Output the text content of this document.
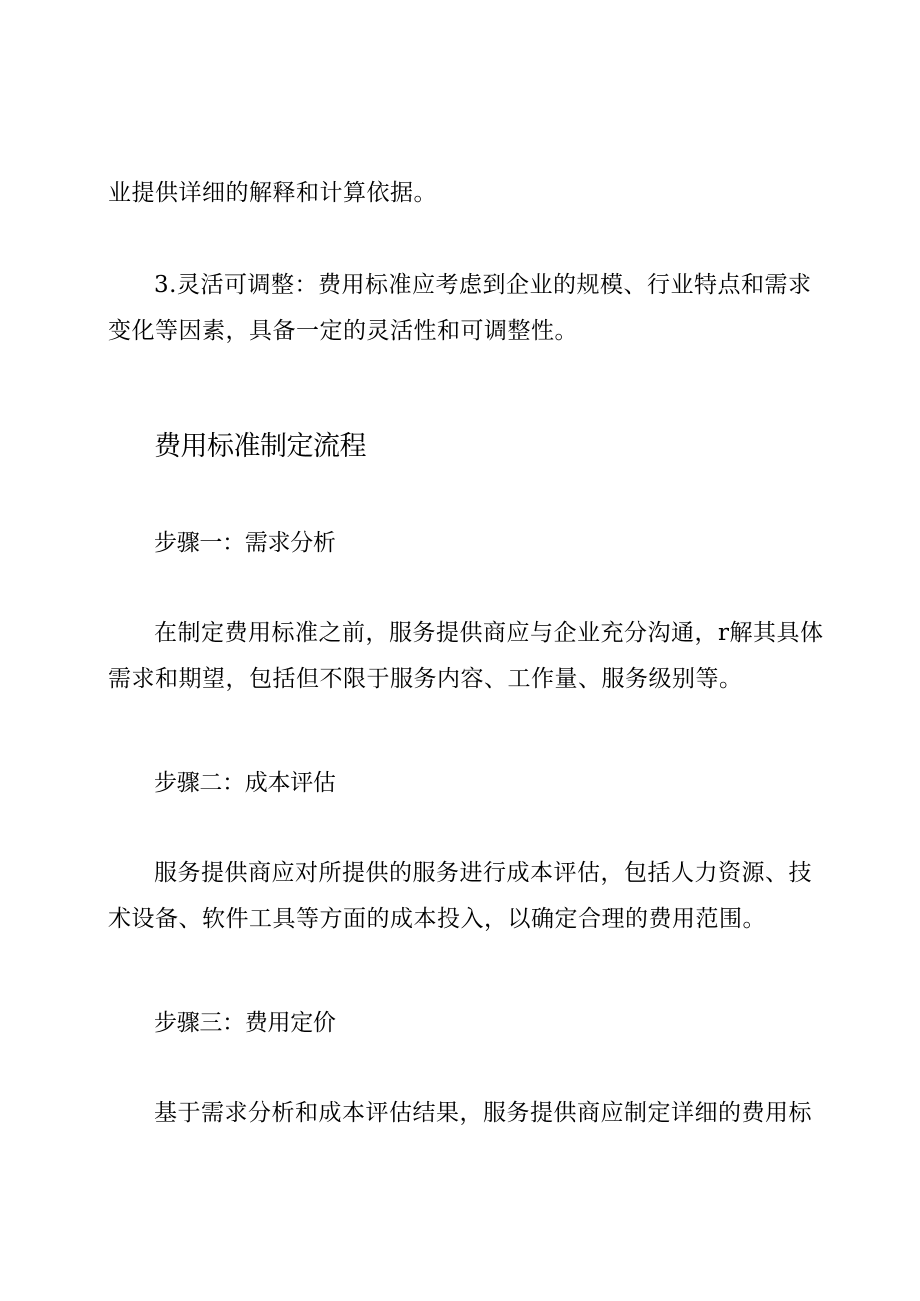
业提供详细的解释和计算依据。

3.灵活可调整：费用标准应考虑到企业的规模、行业特点和需求
变化等因素，具备一定的灵活性和可调整性。

费用标准制定流程
步骤一：需求分析

在制定费用标准之前，服务提供商应与企业充分沟通，r解其具体
需求和期望，包括但不限于服务内容、工作量、服务级别等。

步骤二：成本评估

服务提供商应对所提供的服务进行成本评估，包括人力资源、技
术设备、软件工具等方面的成本投入，以确定合理的费用范围。

步骤三：费用定价

基于需求分析和成本评估结果，服务提供商应制定详细的费用标
